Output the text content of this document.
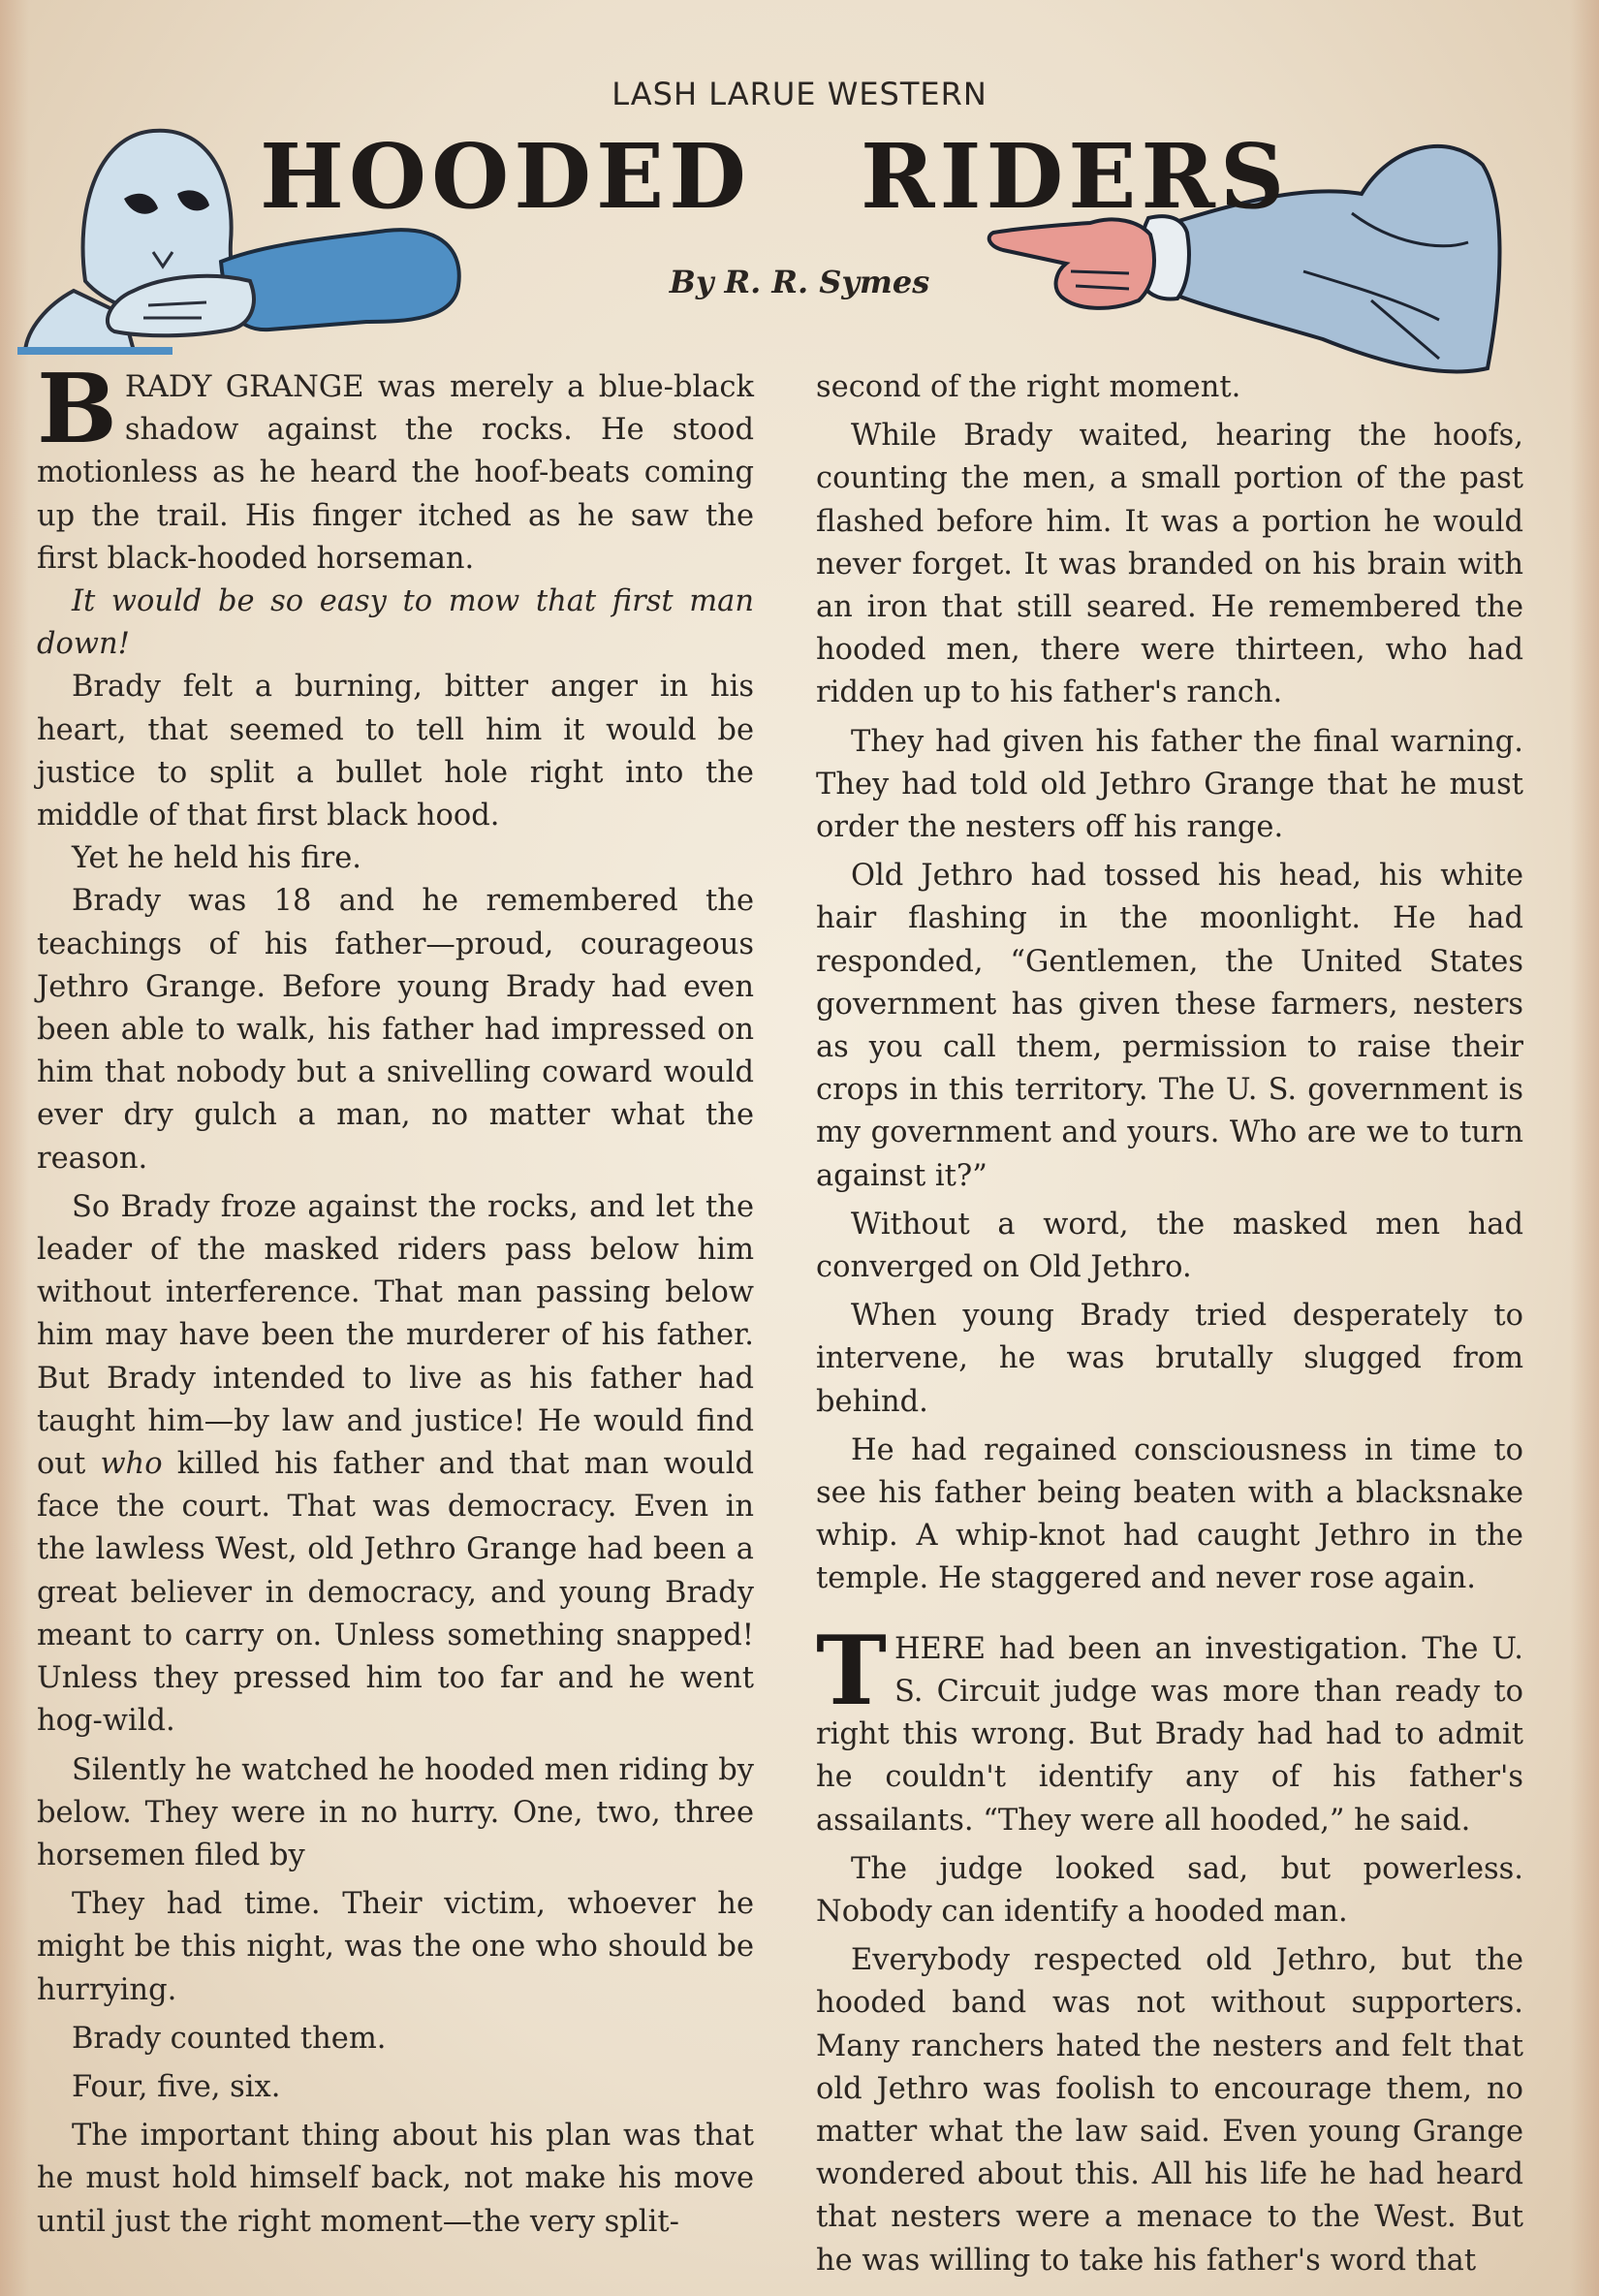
LASH LARUE WESTERN
HOODED RIDERS
By R. R. Symes

BRADY GRANGE was merely a blue-black shadow against the rocks. He stood motionless as he heard the hoof-beats coming up the trail. His finger itched as he saw the first black-hooded horseman.

It would be so easy to mow that first man down!

Brady felt a burning, bitter anger in his heart, that seemed to tell him it would be justice to split a bullet hole right into the middle of that first black hood.

Yet he held his fire.

Brady was 18 and he remembered the teachings of his father—proud, courageous Jethro Grange. Before young Brady had even been able to walk, his father had impressed on him that nobody but a snivelling coward would ever dry gulch a man, no matter what the reason.

So Brady froze against the rocks, and let the leader of the masked riders pass below him without interference. That man passing below him may have been the murderer of his father. But Brady intended to live as his father had taught him—by law and justice! He would find out who killed his father and that man would face the court. That was democracy. Even in the lawless West, old Jethro Grange had been a great believer in democracy, and young Brady meant to carry on. Unless something snapped! Unless they pressed him too far and he went hog-wild.

Silently he watched he hooded men riding by below. They were in no hurry. One, two, three horsemen filed by

They had time. Their victim, whoever he might be this night, was the one who should be hurrying.

Brady counted them.

Four, five, six.

The important thing about his plan was that he must hold himself back, not make his move until just the right moment—the very split-

second of the right moment.

While Brady waited, hearing the hoofs, counting the men, a small portion of the past flashed before him. It was a portion he would never forget. It was branded on his brain with an iron that still seared. He remembered the hooded men, there were thirteen, who had ridden up to his father's ranch.

They had given his father the final warning. They had told old Jethro Grange that he must order the nesters off his range.

Old Jethro had tossed his head, his white hair flashing in the moonlight. He had responded, “Gentlemen, the United States government has given these farmers, nesters as you call them, permission to raise their crops in this territory. The U. S. government is my government and yours. Who are we to turn against it?”

Without a word, the masked men had converged on Old Jethro.

When young Brady tried desperately to intervene, he was brutally slugged from behind.

He had regained consciousness in time to see his father being beaten with a blacksnake whip. A whip-knot had caught Jethro in the temple. He staggered and never rose again.

THERE had been an investigation. The U. S. Circuit judge was more than ready to right this wrong. But Brady had had to admit he couldn't identify any of his father's assailants. “They were all hooded,” he said.

The judge looked sad, but powerless. Nobody can identify a hooded man.

Everybody respected old Jethro, but the hooded band was not without supporters. Many ranchers hated the nesters and felt that old Jethro was foolish to encourage them, no matter what the law said. Even young Grange wondered about this. All his life he had heard that nesters were a menace to the West. But he was willing to take his father's word that
